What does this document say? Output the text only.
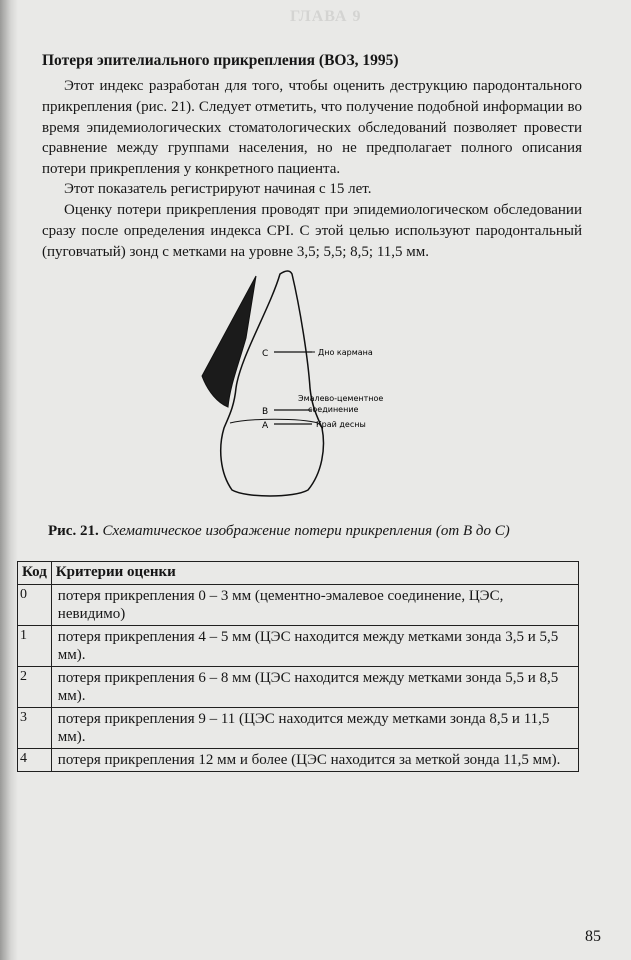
ГЛАВА 9
Потеря эпителиального прикрепления (ВОЗ, 1995)

Этот индекс разработан для того, чтобы оценить деструкцию пародонтального прикрепления (рис. 21). Следует отметить, что получение подобной информации во время эпидемиологических стоматологических обследований позволяет провести сравнение между группами населения, но не предполагает полного описания потери прикрепления у конкретного пациента.

Этот показатель регистрируют начиная с 15 лет.

Оценку потери прикрепления проводят при эпидемиологическом обследовании сразу после определения индекса CPI. С этой целью используют пародонтальный (пуговчатый) зонд с метками на уровне 3,5; 5,5; 8,5; 11,5 мм.

C
B
A
Дно кармана
Эмалево-цементное
соединение
Край десны
Рис. 21. Схематическое изображение потери прикрепления (от B до C)
Код	Критерии оценки
0	потеря прикрепления 0 – 3 мм (цементно-эмалевое соединение, ЦЭС, невидимо)
1	потеря прикрепления 4 – 5 мм (ЦЭС находится между метками зонда 3,5 и 5,5 мм).
2	потеря прикрепления 6 – 8 мм (ЦЭС находится между метками зонда 5,5 и 8,5 мм).
3	потеря прикрепления 9 – 11 (ЦЭС находится между метками зонда 8,5 и 11,5 мм).
4	потеря прикрепления 12 мм и более (ЦЭС находится за меткой зонда 11,5 мм).
85
